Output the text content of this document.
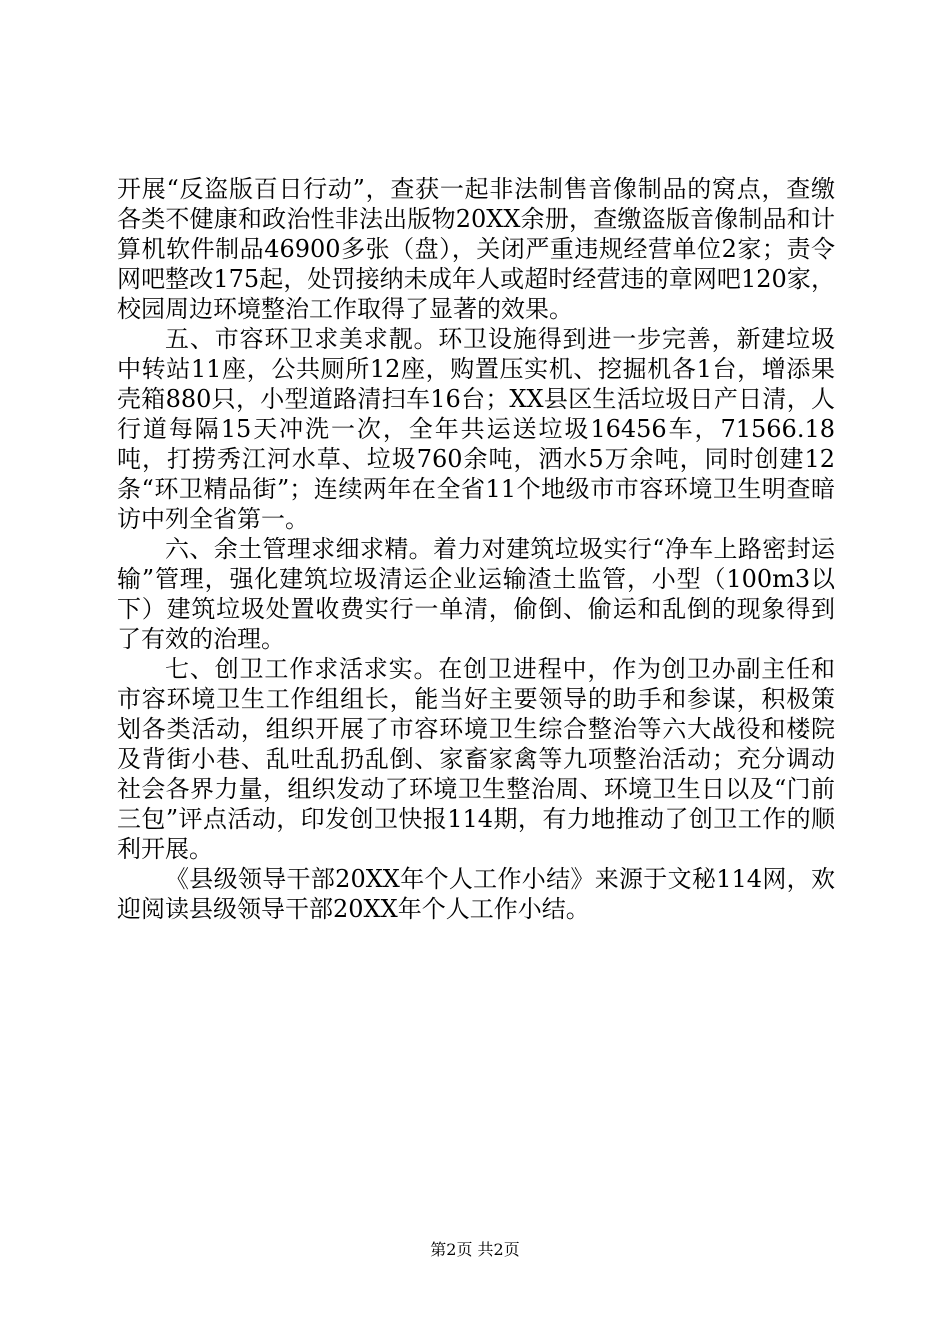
开展“反盗版百日行动”，查获一起非法制售音像制品的窝点，查缴各类不健康和政治性非法出版物20XX余册，查缴盗版音像制品和计算机软件制品46900多张（盘），关闭严重违规经营单位2家；责令网吧整改175起，处罚接纳未成年人或超时经营违的章网吧120家，校园周边环境整治工作取得了显著的效果。

五、市容环卫求美求靓。环卫设施得到进一步完善，新建垃圾中转站11座，公共厕所12座，购置压实机、挖掘机各1台，增添果壳箱880只，小型道路清扫车16台；XX县区生活垃圾日产日清，人行道每隔15天冲洗一次，全年共运送垃圾16456车，71566.18吨，打捞秀江河水草、垃圾760余吨，洒水5万余吨，同时创建12条“环卫精品街”；连续两年在全省11个地级市市容环境卫生明查暗访中列全省第一。

六、余土管理求细求精。着力对建筑垃圾实行“净车上路密封运输”管理，强化建筑垃圾清运企业运输渣土监管，小型（100m3以下）建筑垃圾处置收费实行一单清，偷倒、偷运和乱倒的现象得到了有效的治理。

七、创卫工作求活求实。在创卫进程中，作为创卫办副主任和市容环境卫生工作组组长，能当好主要领导的助手和参谋，积极策划各类活动，组织开展了市容环境卫生综合整治等六大战役和楼院及背街小巷、乱吐乱扔乱倒、家畜家禽等九项整治活动；充分调动社会各界力量，组织发动了环境卫生整治周、环境卫生日以及“门前三包”评点活动，印发创卫快报114期，有力地推动了创卫工作的顺利开展。

《县级领导干部20XX年个人工作小结》来源于文秘114网，欢迎阅读县级领导干部20XX年个人工作小结。

第2页 共2页
